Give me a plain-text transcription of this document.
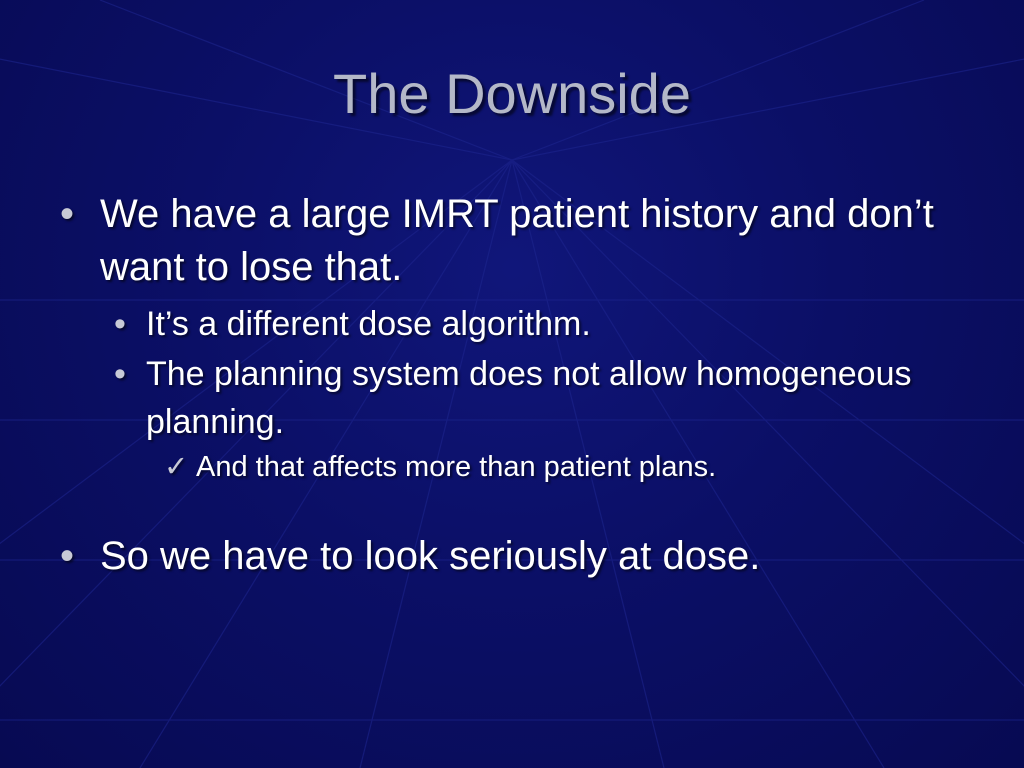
The Downside
• We have a large IMRT patient history and don’t want to lose that.
• It’s a different dose algorithm.
• The planning system does not allow homogeneous planning.
✓ And that affects more than patient plans.
• So we have to look seriously at dose.
